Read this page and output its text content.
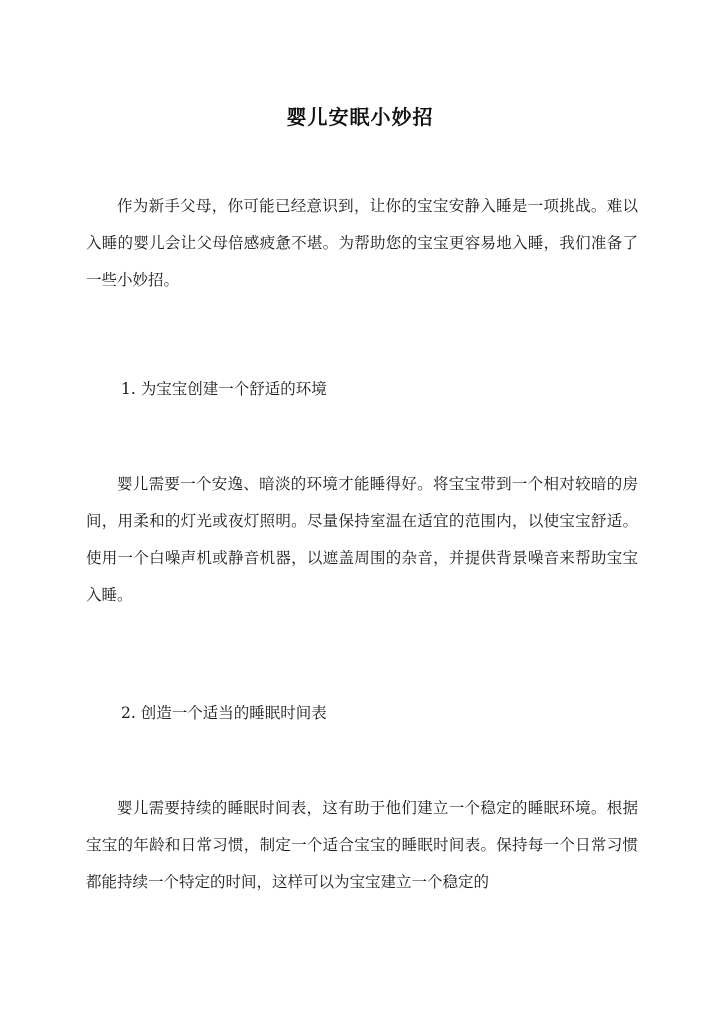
婴儿安眠小妙招

作为新手父母，你可能已经意识到，让你的宝宝安静入睡是一项挑战。难以入睡的婴儿会让父母倍感疲惫不堪。为帮助您的宝宝更容易地入睡，我们准备了一些小妙招。

1. 为宝宝创建一个舒适的环境

婴儿需要一个安逸、暗淡的环境才能睡得好。将宝宝带到一个相对较暗的房间，用柔和的灯光或夜灯照明。尽量保持室温在适宜的范围内，以使宝宝舒适。使用一个白噪声机或静音机器，以遮盖周围的杂音，并提供背景噪音来帮助宝宝入睡。

2. 创造一个适当的睡眠时间表

婴儿需要持续的睡眠时间表，这有助于他们建立一个稳定的睡眠环境。根据宝宝的年龄和日常习惯，制定一个适合宝宝的睡眠时间表。保持每一个日常习惯都能持续一个特定的时间，这样可以为宝宝建立一个稳定的
